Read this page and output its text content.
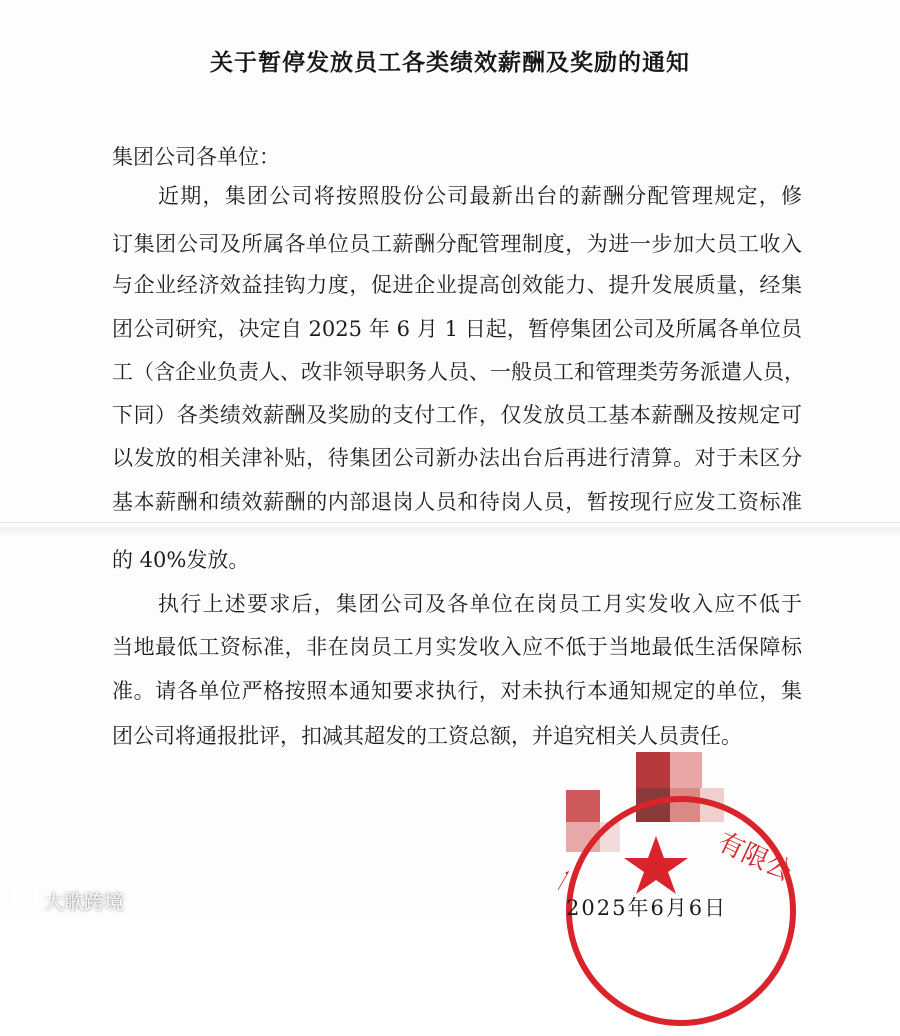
关于暂停发放员工各类绩效薪酬及奖励的通知
集团公司各单位：
近期，集团公司将按照股份公司最新出台的薪酬分配管理规定，修
订集团公司及所属各单位员工薪酬分配管理制度，为进一步加大员工收入
与企业经济效益挂钩力度，促进企业提高创效能力、提升发展质量，经集
团公司研究，决定自 2025 年 6 月 1 日起，暂停集团公司及所属各单位员
工（含企业负责人、改非领导职务人员、一般员工和管理类劳务派遣人员，
下同）各类绩效薪酬及奖励的支付工作，仅发放员工基本薪酬及按规定可
以发放的相关津补贴，待集团公司新办法出台后再进行清算。对于未区分
基本薪酬和绩效薪酬的内部退岗人员和待岗人员，暂按现行应发工资标准
的 40%发放。
执行上述要求后，集团公司及各单位在岗员工月实发收入应不低于
当地最低工资标准，非在岗员工月实发收入应不低于当地最低生活保障标
准。请各单位严格按照本通知要求执行，对未执行本通知规定的单位，集
团公司将通报批评，扣减其超发的工资总额，并追究相关人员责任。
有限公
一
2025年6月6日
大歌跨境
